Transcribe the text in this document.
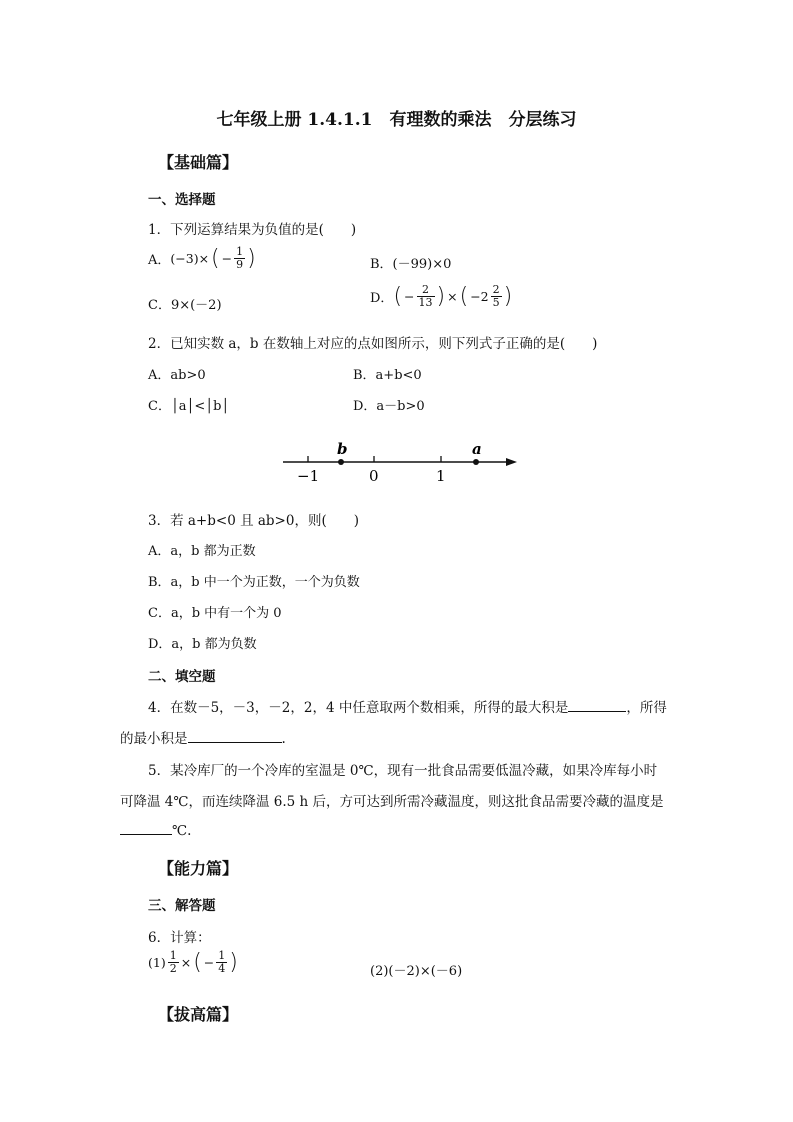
七年级上册 1.4.1.1　有理数的乘法　分层练习
【基础篇】
一、选择题
1．下列运算结果为负值的是(　　)
A． (−3)× ( − $\frac{1}{9}$ )	B．(－99)×0
C．9×(－2)	D． ( − $\frac{2}{13}$ ) × ( $-2 \frac{2}{5}$ )
2．已知实数 a，b 在数轴上对应的点如图所示，则下列式子正确的是(　　)
A．ab>0	B．a+b<0
C．│a│<│b│	D．a－b>0
b	a
−1	0	1
3．若 a+b<0 且 ab>0，则(　　)
A．a，b 都为正数
B．a，b 中一个为正数，一个为负数
C．a，b 中有一个为 0
D．a，b 都为负数
二、填空题
4．在数－5，－3，－2，2，4 中任意取两个数相乘，所得的最大积是	，所得
的最小积是	.
5．某冷库厂的一个冷库的室温是 0℃，现有一批食品需要低温冷藏，如果冷库每小时
可降温 4℃，而连续降温 6.5 h 后，方可达到所需冷藏温度，则这批食品需要冷藏的温度是
℃.
【能力篇】
三、解答题
6．计算：
$(1) \frac{1}{2}$ × ( − $\frac{1}{4}$ )	(2)(－2)×(－6)
【拔高篇】
